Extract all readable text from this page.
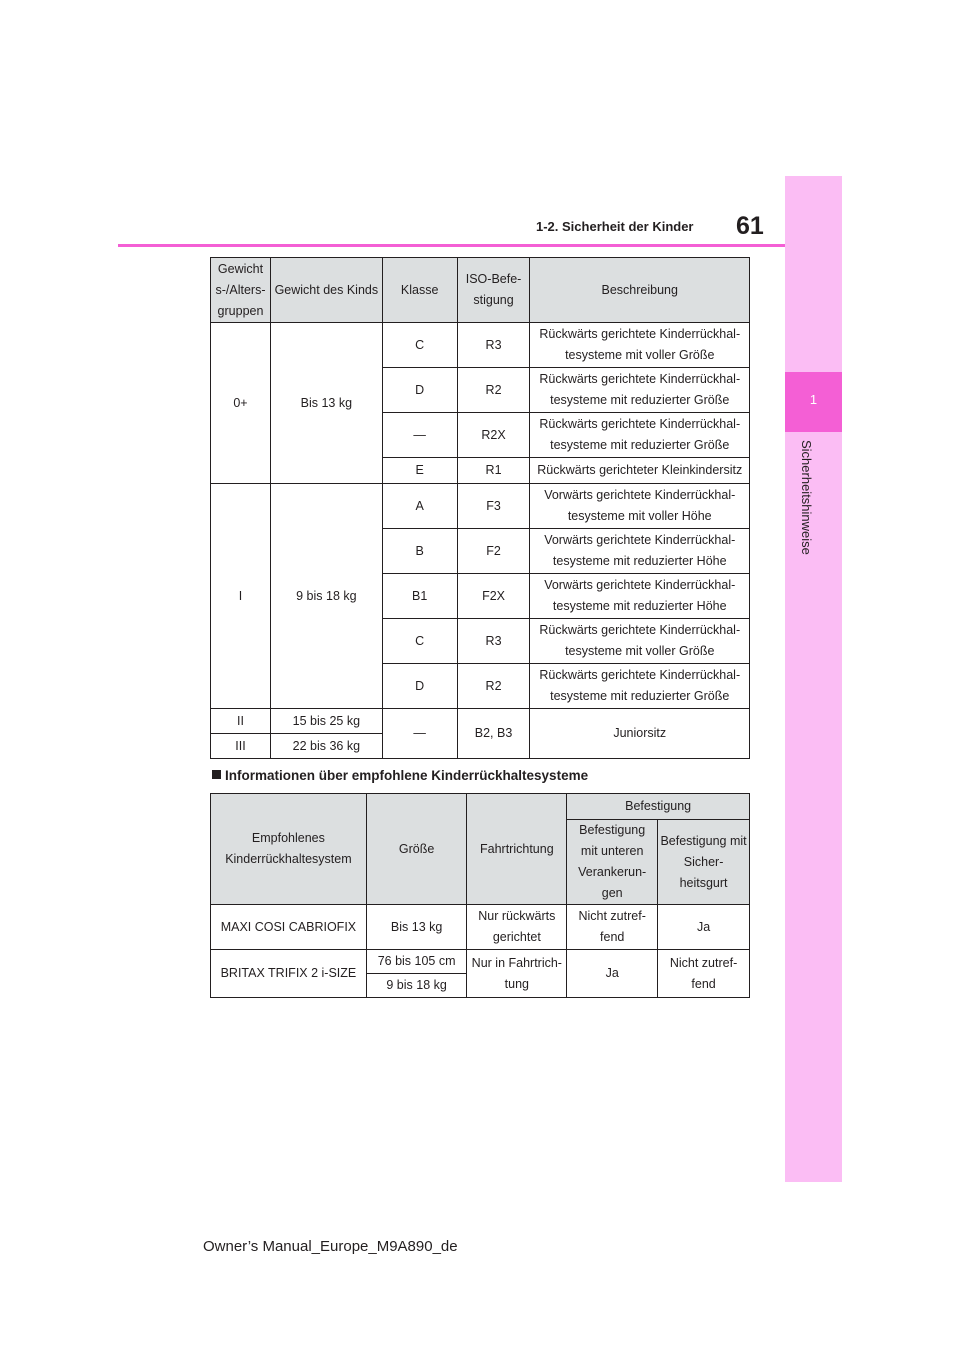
1
Sicherheitshinweise
61
1-2. Sicherheit der Kinder
Gewicht s-/Alters-gruppen	Gewicht des Kinds	Klasse	ISO-Befe-stigung	Beschreibung
0+	Bis 13 kg	C	R3	Rückwärts gerichtete Kinderrückhal-tesysteme mit voller Größe
		D	R2	Rückwärts gerichtete Kinderrückhal-tesysteme mit reduzierter Größe
		—	R2X	Rückwärts gerichtete Kinderrückhal-tesysteme mit reduzierter Größe
		E	R1	Rückwärts gerichteter Kleinkindersitz
I	9 bis 18 kg	A	F3	Vorwärts gerichtete Kinderrückhal-tesysteme mit voller Höhe
		B	F2	Vorwärts gerichtete Kinderrückhal-tesysteme mit reduzierter Höhe
		B1	F2X	Vorwärts gerichtete Kinderrückhal-tesysteme mit reduzierter Höhe
		C	R3	Rückwärts gerichtete Kinderrückhal-tesysteme mit voller Größe
		D	R2	Rückwärts gerichtete Kinderrückhal-tesysteme mit reduzierter Größe
II	15 bis 25 kg	—	B2, B3	Juniorsitz
III	22 bis 36 kg			
Informationen über empfohlene Kinderrückhaltesysteme
Empfohlenes Kinderrückhaltesystem	Größe	Fahrtrichtung	Befestigung	
			Befestigung mit unteren Verankerun-gen	Befestigung mit Sicher-heitsgurt
MAXI COSI CABRIOFIX	Bis 13 kg	Nur rückwärts gerichtet	Nicht zutref-fend	Ja
BRITAX TRIFIX 2 i-SIZE	76 bis 105 cm	Nur in Fahrtrich-tung	Ja	Nicht zutref-fend
	9 bis 18 kg			
Owner’s Manual_Europe_M9A890_de
